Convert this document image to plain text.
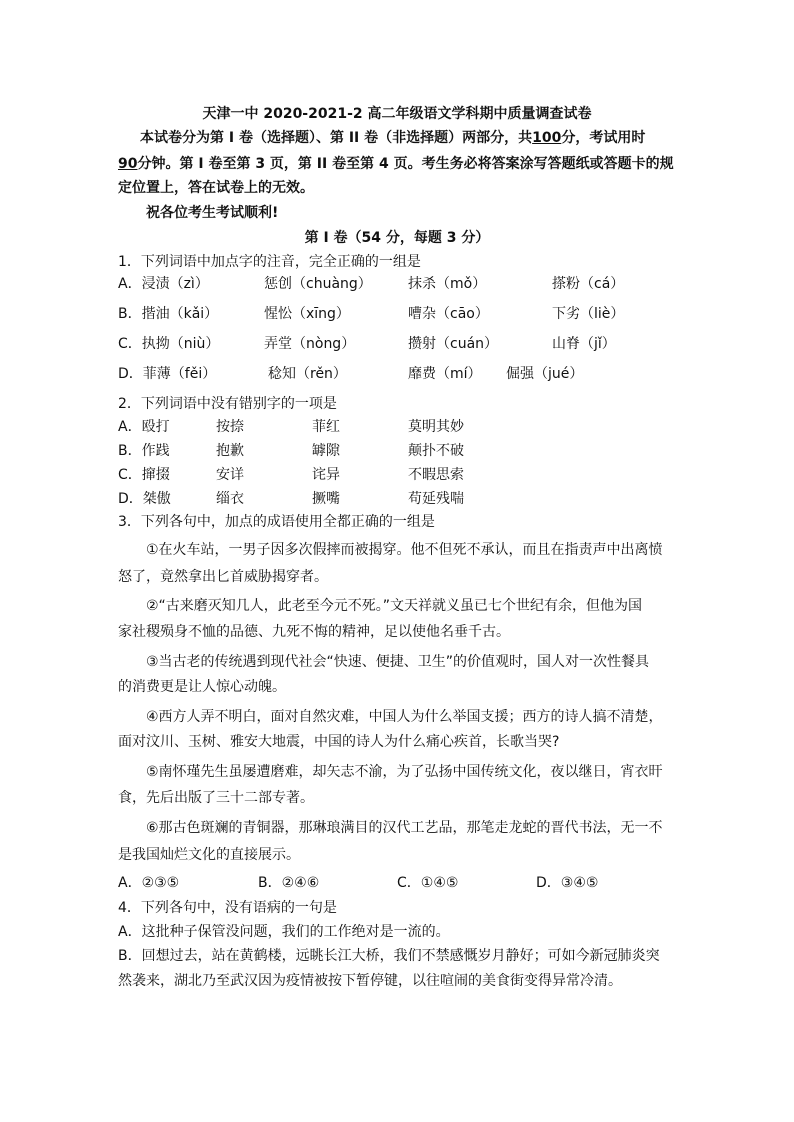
天津一中 2020-2021-2 高二年级语文学科期中质量调查试卷
本试卷分为第 I 卷（选择题）、第 II 卷（非选择题）两部分，共100分，考试用时
90分钟。第 I 卷至第 3 页，第 II 卷至第 4 页。考生务必将答案涂写答题纸或答题卡的规
定位置上，答在试卷上的无效。
祝各位考生考试顺利!
第 I 卷（54 分，每题 3 分）
1．下列词语中加点字的注音，完全正确的一组是
A．浸渍（zì）	惩创（chuàng）	抹杀（mǒ）	搽粉（cá）
B．揩油（kǎi）	惺忪（xīng）	嘈杂（cāo）	下劣（liè）
C．执拗（niù）	弄堂（nòng）	攒射（cuán）	山脊（jǐ）
D．菲薄（fěi）	稔知（rěn）	靡费（mí） 倔强（jué）
2．下列词语中没有错别字的一项是
A．殴打	按捺	菲红	莫明其妙
B．作践	抱歉	罅隙	颠扑不破
C．撺掇	安详	诧异	不暇思索
D．桀傲	缁衣	撅嘴	苟延残喘
3．下列各句中，加点的成语使用全都正确的一组是
①在火车站，一男子因多次假摔而被揭穿。他不但死不承认，而且在指责声中出离愤
怒了，竟然拿出匕首威胁揭穿者。
②“古来磨灭知几人，此老至今元不死。”文天祥就义虽已七个世纪有余，但他为国
家社稷殒身不恤的品德、九死不悔的精神，足以使他名垂千古。
③当古老的传统遇到现代社会“快速、便捷、卫生”的价值观时，国人对一次性餐具
的消费更是让人惊心动魄。
④西方人弄不明白，面对自然灾难，中国人为什么举国支援；西方的诗人搞不清楚，
面对汶川、玉树、雅安大地震，中国的诗人为什么痛心疾首，长歌当哭?
⑤南怀瑾先生虽屡遭磨难，却矢志不渝，为了弘扬中国传统文化，夜以继日，宵衣旰
食，先后出版了三十二部专著。
⑥那古色斑斓的青铜器，那琳琅满目的汉代工艺品，那笔走龙蛇的晋代书法，无一不
是我国灿烂文化的直接展示。
A．②③⑤	B．②④⑥	C．①④⑤	D．③④⑤
4．下列各句中，没有语病的一句是
A．这批种子保管没问题，我们的工作绝对是一流的。
B．回想过去，站在黄鹤楼，远眺长江大桥，我们不禁感慨岁月静好；可如今新冠肺炎突
然袭来，湖北乃至武汉因为疫情被按下暂停键，以往喧闹的美食街变得异常冷清。
